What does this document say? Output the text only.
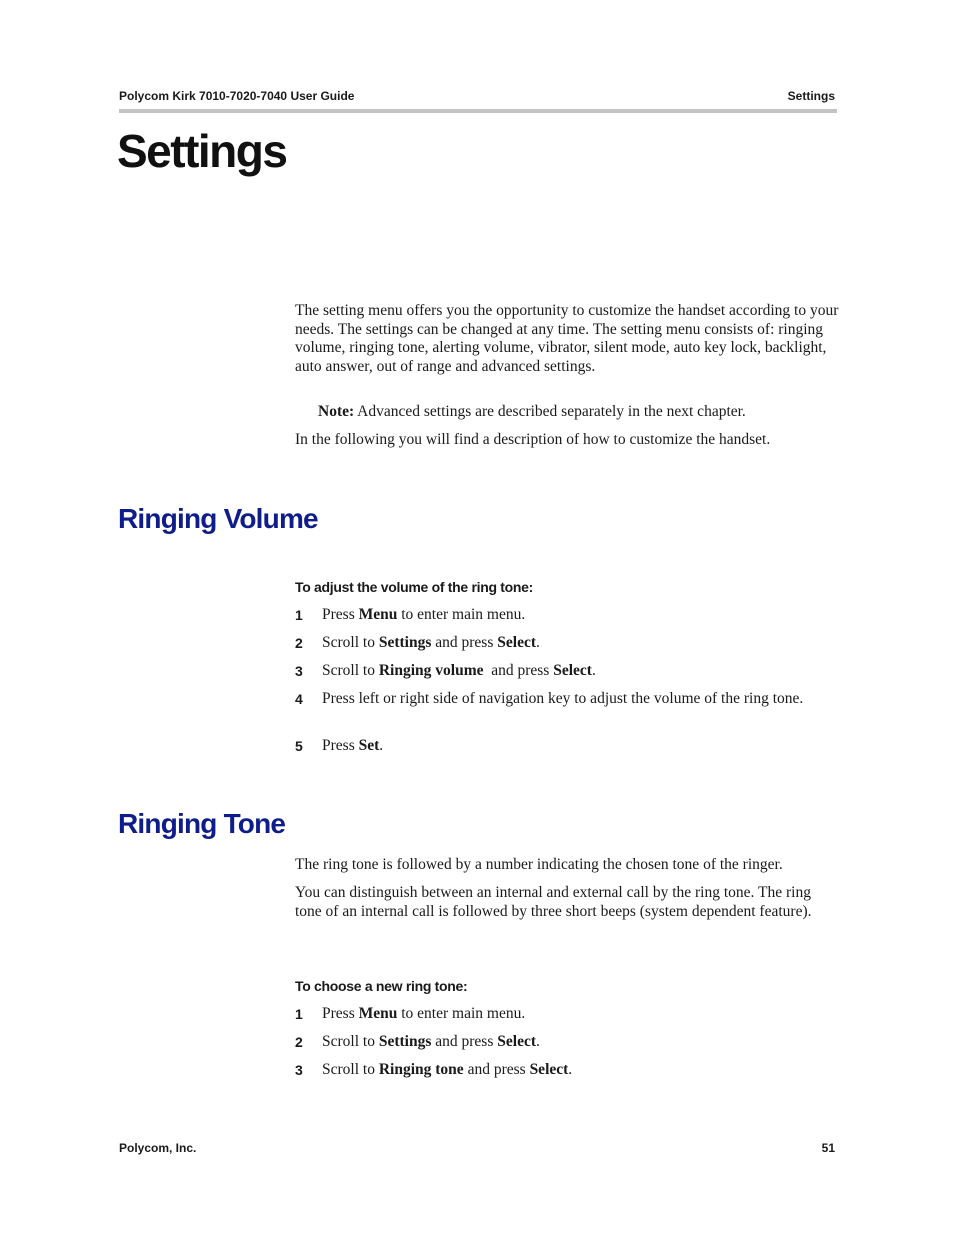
Polycom Kirk 7010-7020-7040 User Guide	Settings
Settings

The setting menu offers you the opportunity to customize the handset according to your needs. The settings can be changed at any time. The setting menu consists of: ringing volume, ringing tone, alerting volume, vibrator, silent mode, auto key lock, backlight, auto answer, out of range and advanced settings.

Note: Advanced settings are described separately in the next chapter.

In the following you will find a description of how to customize the handset.

Ringing Volume

To adjust the volume of the ring tone:

1 Press Menu to enter main menu.
2 Scroll to Settings and press Select.
3 Scroll to Ringing volume  and press Select.
4 Press left or right side of navigation key to adjust the volume of the ring tone.
5 Press Set.
Ringing Tone

The ring tone is followed by a number indicating the chosen tone of the ringer.

You can distinguish between an internal and external call by the ring tone. The ring tone of an internal call is followed by three short beeps (system dependent feature).

To choose a new ring tone:

1 Press Menu to enter main menu.
2 Scroll to Settings and press Select.
3 Scroll to Ringing tone and press Select.
Polycom, Inc.	51
